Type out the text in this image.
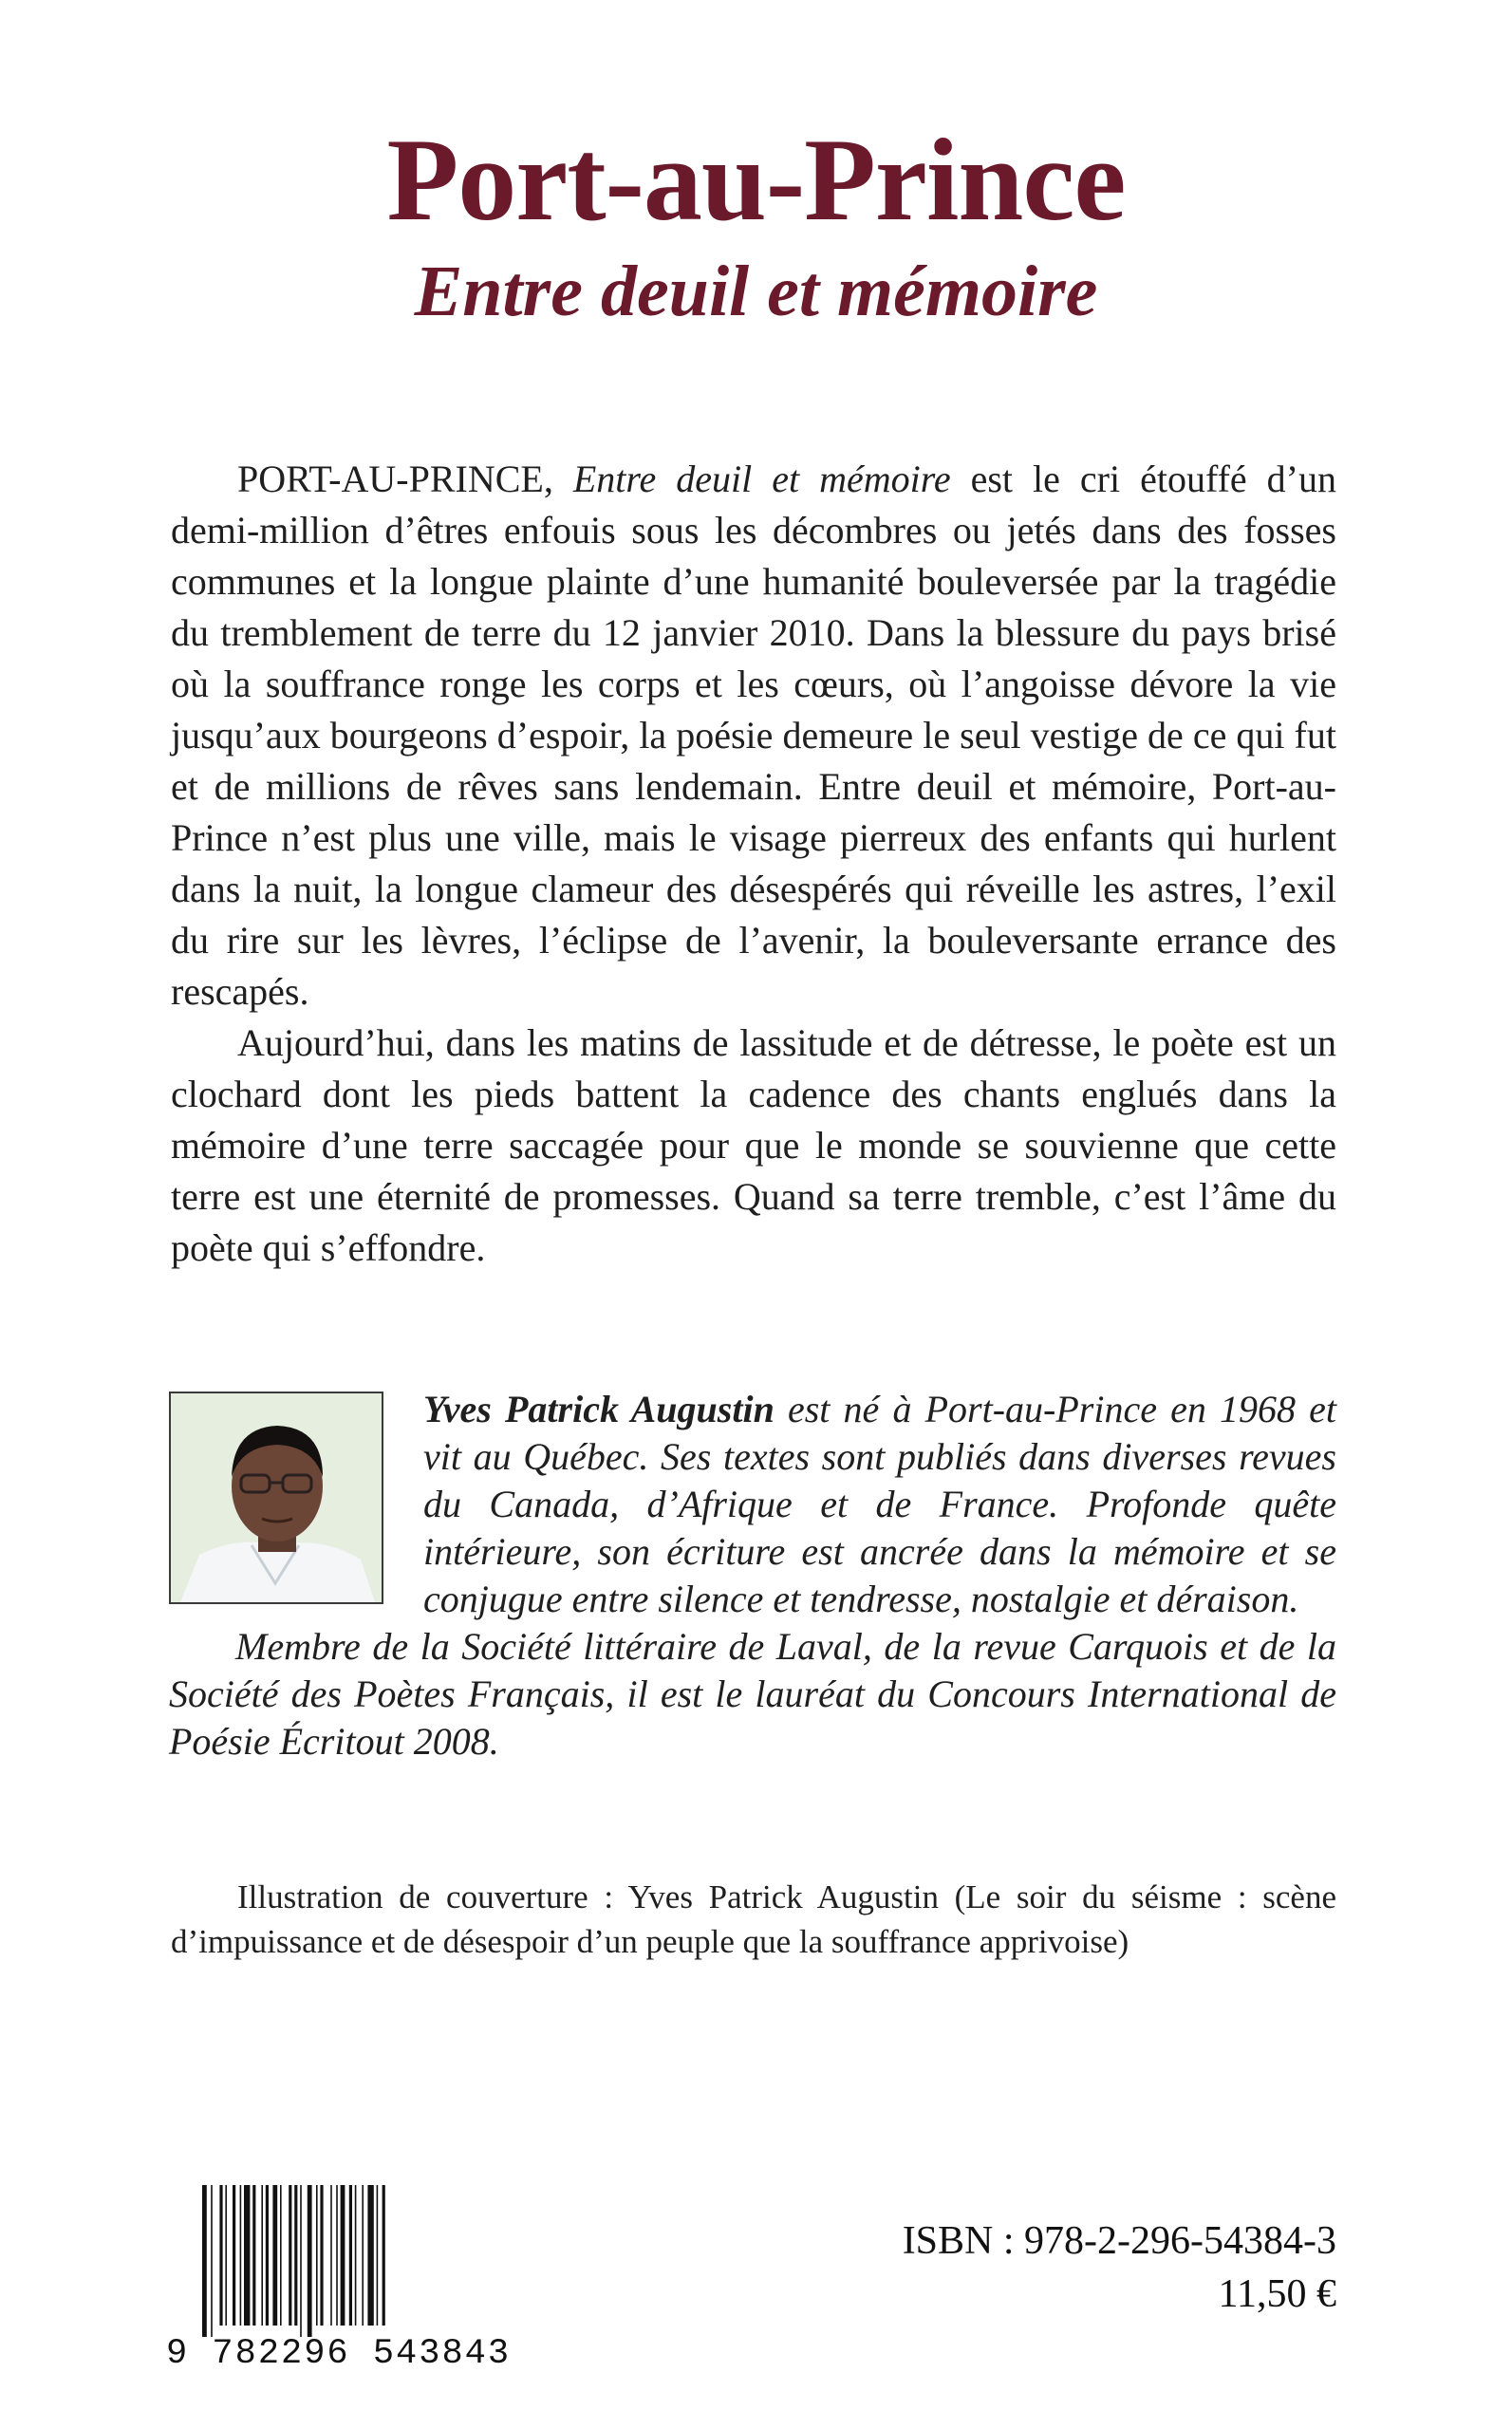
Port-au-Prince
Entre deuil et mémoire

PORT-AU-PRINCE, Entre deuil et mémoire est le cri étouffé d’un demi-million d’êtres enfouis sous les décombres ou jetés dans des fosses communes et la longue plainte d’une humanité bouleversée par la tragédie du tremblement de terre du 12 janvier 2010. Dans la blessure du pays brisé où la souffrance ronge les corps et les cœurs, où l’angoisse dévore la vie jusqu’aux bourgeons d’espoir, la poésie demeure le seul vestige de ce qui fut et de millions de rêves sans lendemain. Entre deuil et mémoire, Port-au-Prince n’est plus une ville, mais le visage pierreux des enfants qui hurlent dans la nuit, la longue clameur des désespérés qui réveille les astres, l’exil du rire sur les lèvres, l’éclipse de l’avenir, la bouleversante errance des rescapés.

Aujourd’hui, dans les matins de lassitude et de détresse, le poète est un clochard dont les pieds battent la cadence des chants englués dans la mémoire d’une terre saccagée pour que le monde se souvienne que cette terre est une éternité de promesses. Quand sa terre tremble, c’est l’âme du poète qui s’effondre.

Yves Patrick Augustin est né à Port-au-Prince en 1968 et vit au Québec. Ses textes sont publiés dans diverses revues du Canada, d’Afrique et de France. Profonde quête intérieure, son écriture est ancrée dans la mémoire et se conjugue entre silence et tendresse, nostalgie et déraison.

Membre de la Société littéraire de Laval, de la revue Carquois et de la Société des Poètes Français, il est le lauréat du Concours International de Poésie Écritout 2008.

Illustration de couverture : Yves Patrick Augustin (Le soir du séisme : scène d’impuissance et de désespoir d’un peuple que la souffrance apprivoise)

9 782296 543843
ISBN : 978-2-296-54384-3
11,50 €
